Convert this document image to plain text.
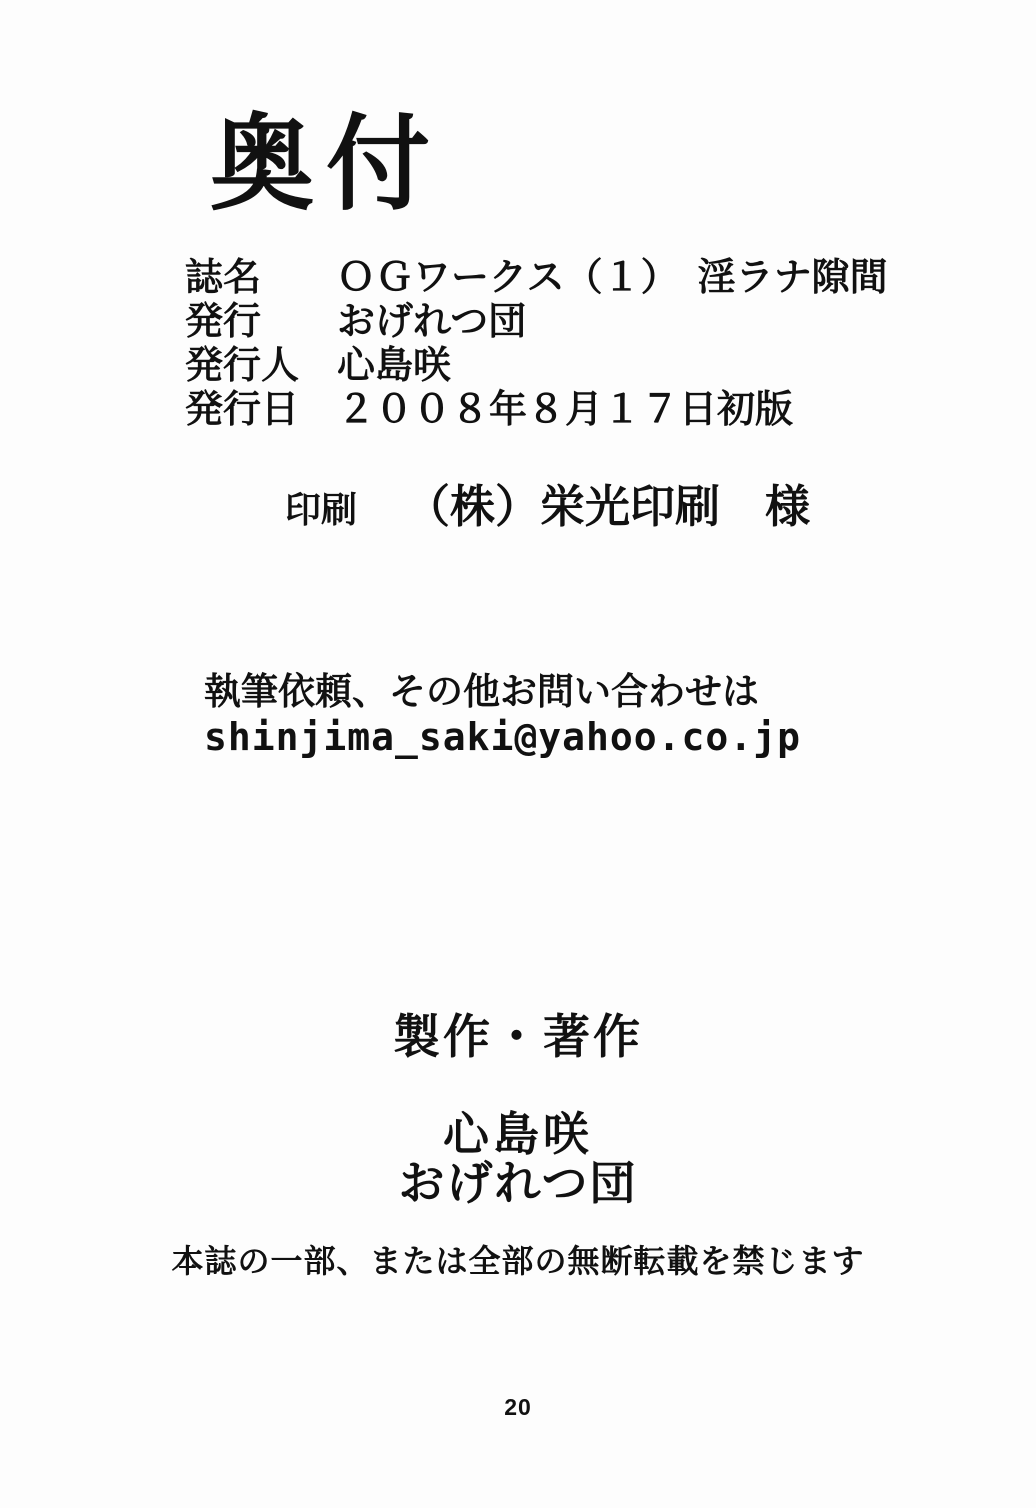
奥付
誌名	ＯＧワークス（１）　淫ラナ隙間
発行	おげれつ団
発行人 心島咲
発行日 ２００８年８月１７日初版
印刷 （株）栄光印刷　様
執筆依頼、その他お問い合わせは
shinjima_saki@yahoo.co.jp
製作・著作
心島咲
おげれつ団
本誌の一部、または全部の無断転載を禁じます
20
